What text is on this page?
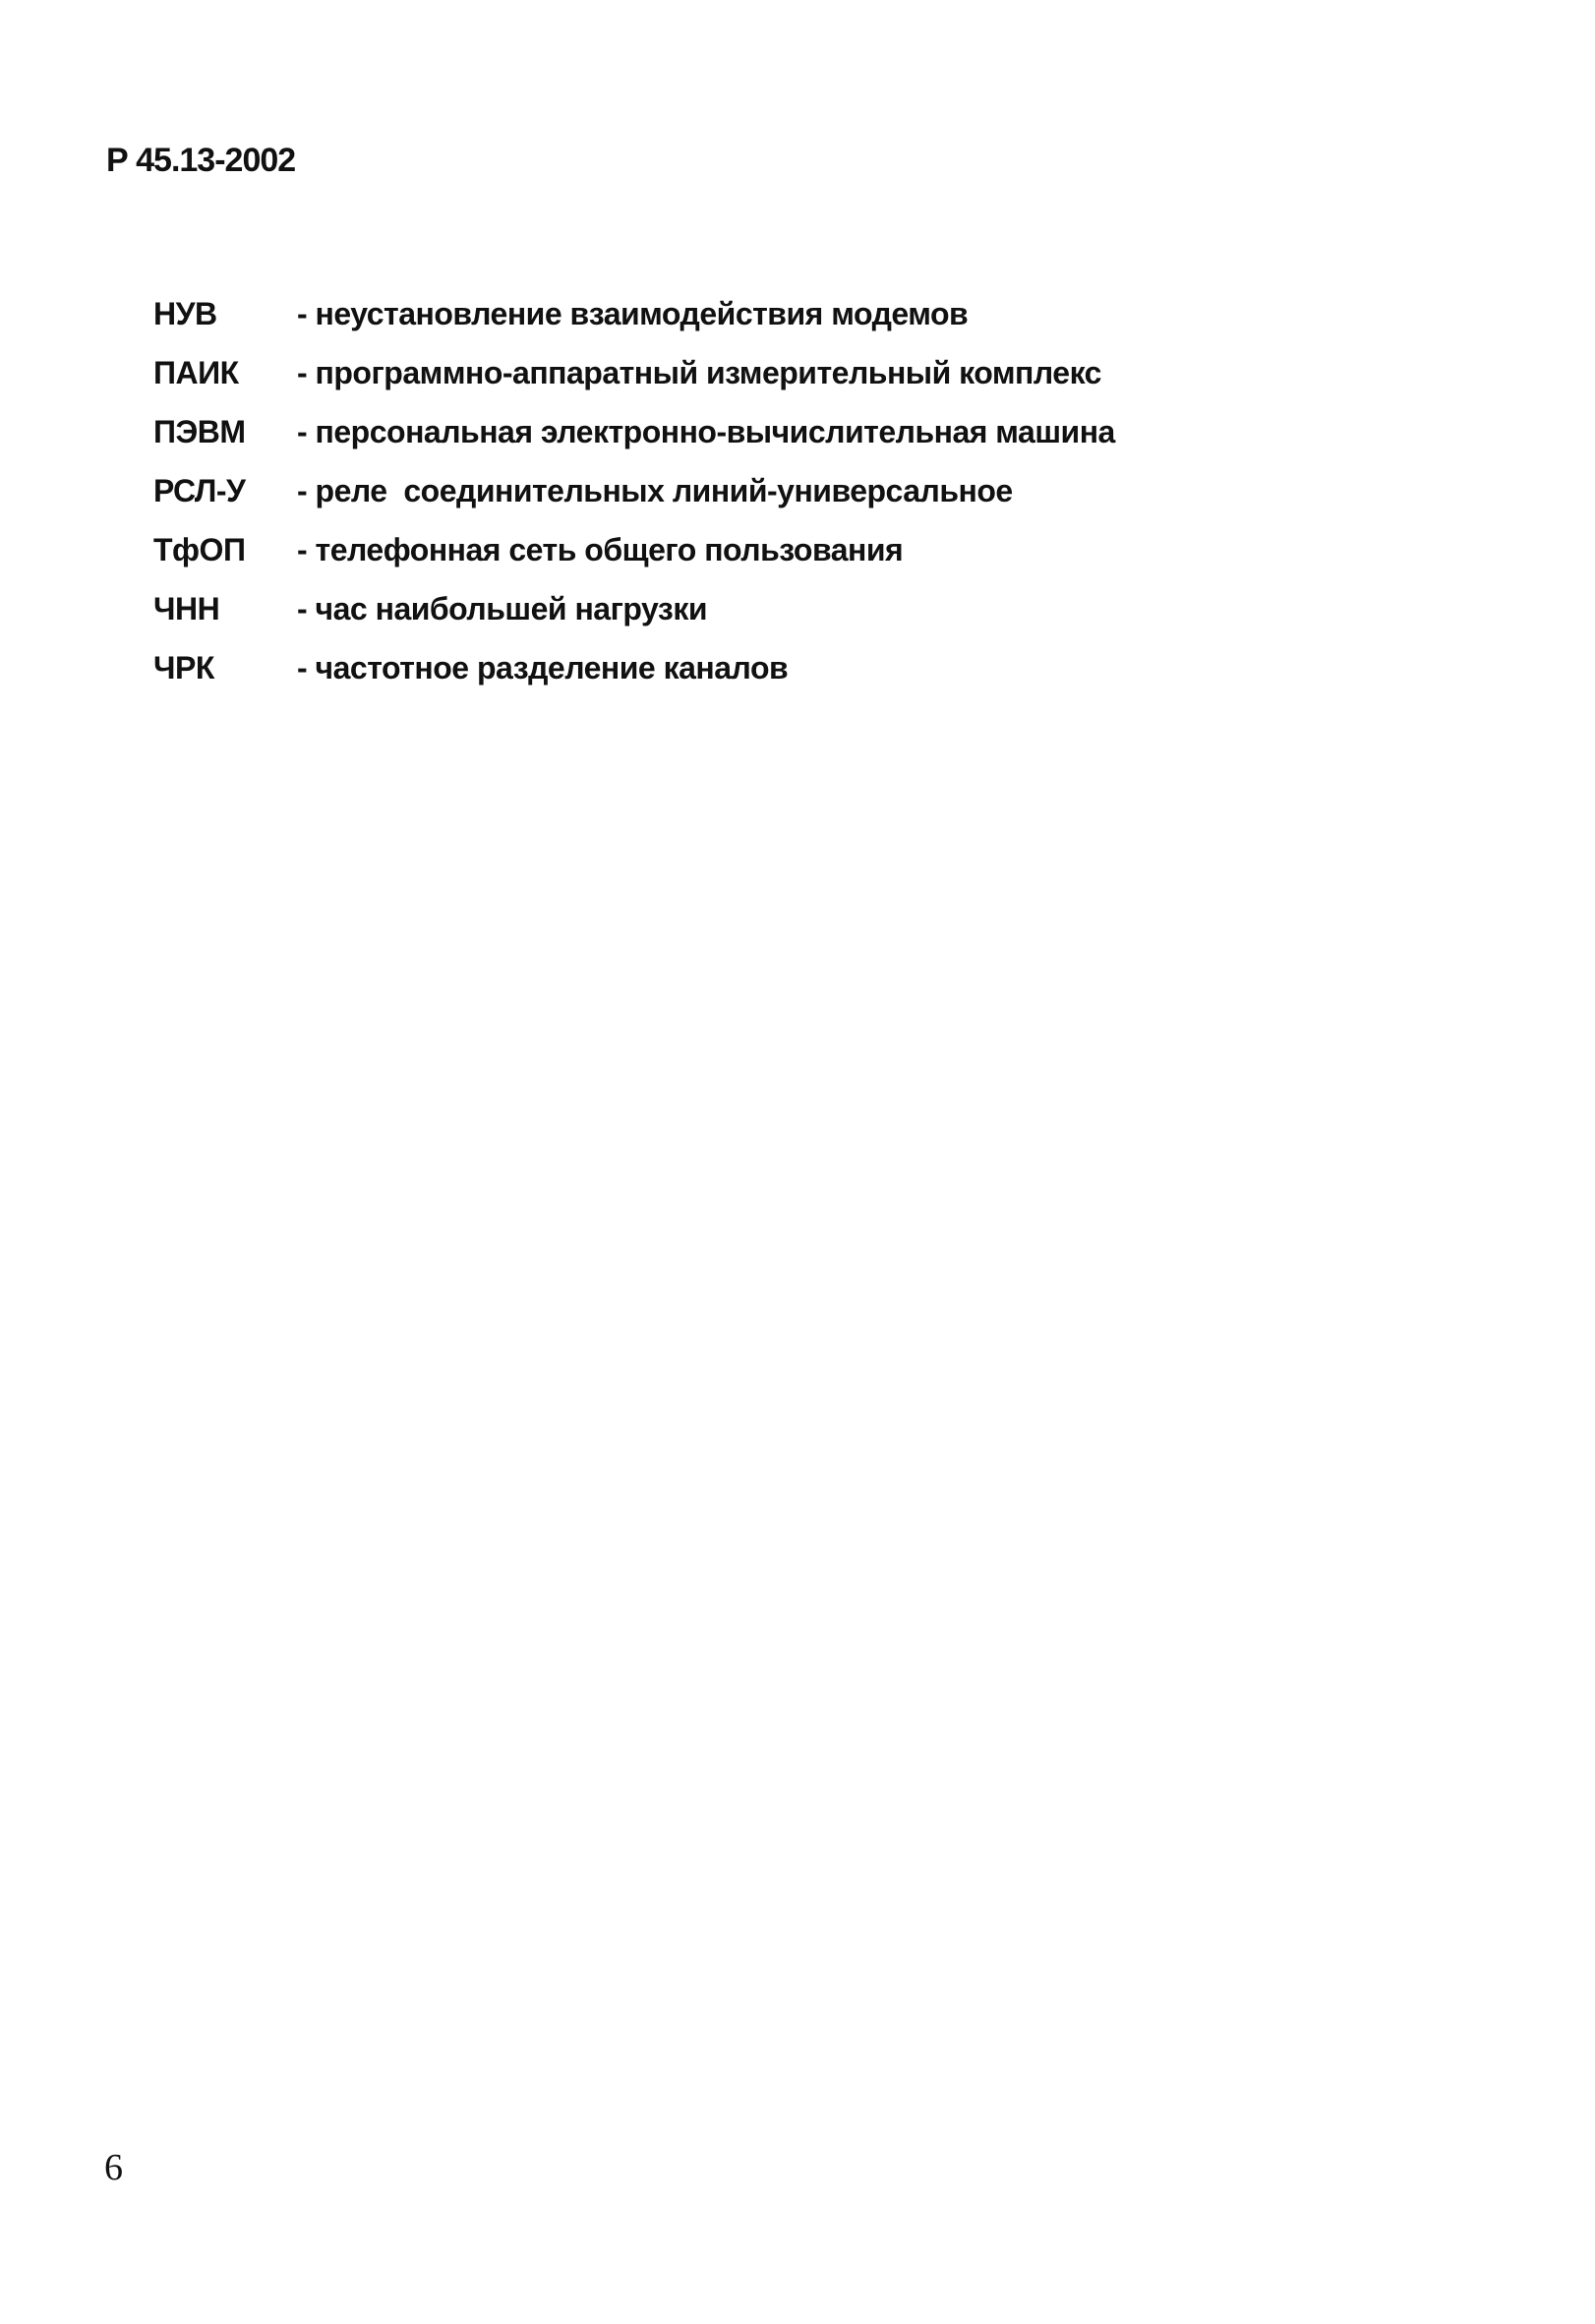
Р 45.13-2002
НУВ	- неустановление взаимодействия модемов
ПАИК - программно-аппаратный измерительный комплекс
ПЭВМ - персональная электронно-вычислительная машина
РСЛ-У - реле  соединительных линий-универсальное
ТфОП - телефонная сеть общего пользования
ЧНН - час наибольшей нагрузки
ЧРК	- частотное разделение каналов
6
